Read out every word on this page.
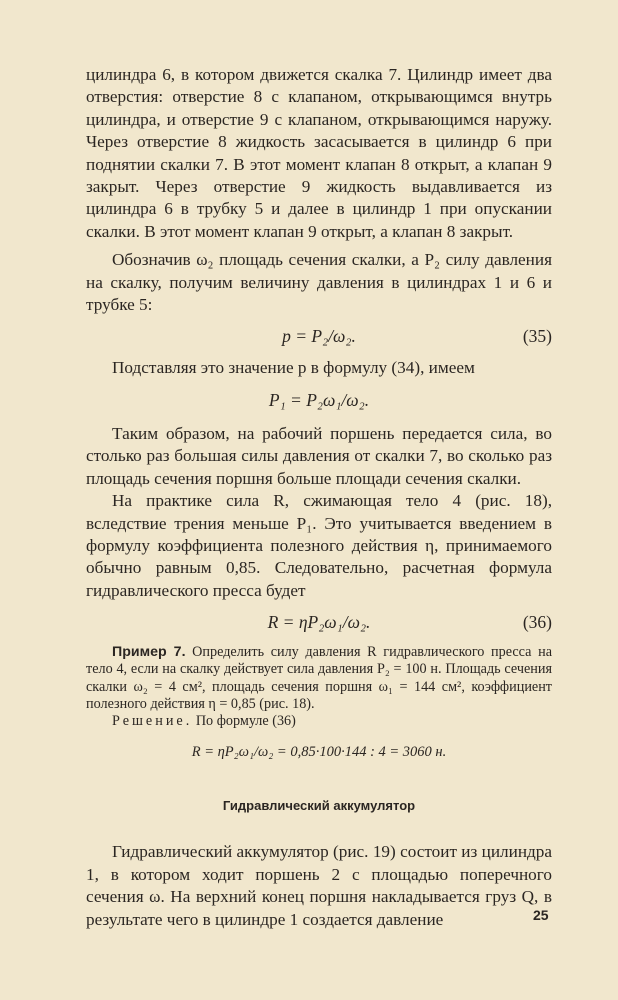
цилиндра 6, в котором движется скалка 7. Цилиндр имеет два отверстия: отверстие 8 с клапаном, открывающимся внутрь цилиндра, и отверстие 9 с клапаном, открывающимся наружу. Через отверстие 8 жидкость засасывается в цилиндр 6 при поднятии скалки 7. В этот момент клапан 8 открыт, а клапан 9 закрыт. Через отверстие 9 жидкость выдавливается из цилиндра 6 в трубку 5 и далее в цилиндр 1 при опускании скалки. В этот момент клапан 9 открыт, а клапан 8 закрыт.

Обозначив ω₂ площадь сечения скалки, а P₂ силу давления на скалку, получим величину давления в цилиндрах 1 и 6 и трубке 5:

p = P₂/ω₂.	(35)

Подставляя это значение p в формулу (34), имеем

P₁ = P₂ω₁/ω₂.

Таким образом, на рабочий поршень передается сила, во столько раз большая силы давления от скалки 7, во сколько раз площадь сечения поршня больше площади сечения скалки.

На практике сила R, сжимающая тело 4 (рис. 18), вследствие трения меньше P₁. Это учитывается введением в формулу коэффициента полезного действия η, принимаемого обычно равным 0,85. Следовательно, расчетная формула гидравлического пресса будет

R = ηP₂ω₁/ω₂.	(36)

Пример 7. Определить силу давления R гидравлического пресса на тело 4, если на скалку действует сила давления P₂ = 100 н. Площадь сечения скалки ω₂ = 4 см², площадь сечения поршня ω₁ = 144 см², коэффициент полезного действия η = 0,85 (рис. 18).

Решение. По формуле (36)

R = ηP₂ω₁/ω₂ = 0,85·100·144 : 4 = 3060 н.
Гидравлический аккумулятор

Гидравлический аккумулятор (рис. 19) состоит из цилиндра 1, в котором ходит поршень 2 с площадью поперечного сечения ω. На верхний конец поршня накладывается груз Q, в результате чего в цилиндре 1 создается давление	25
